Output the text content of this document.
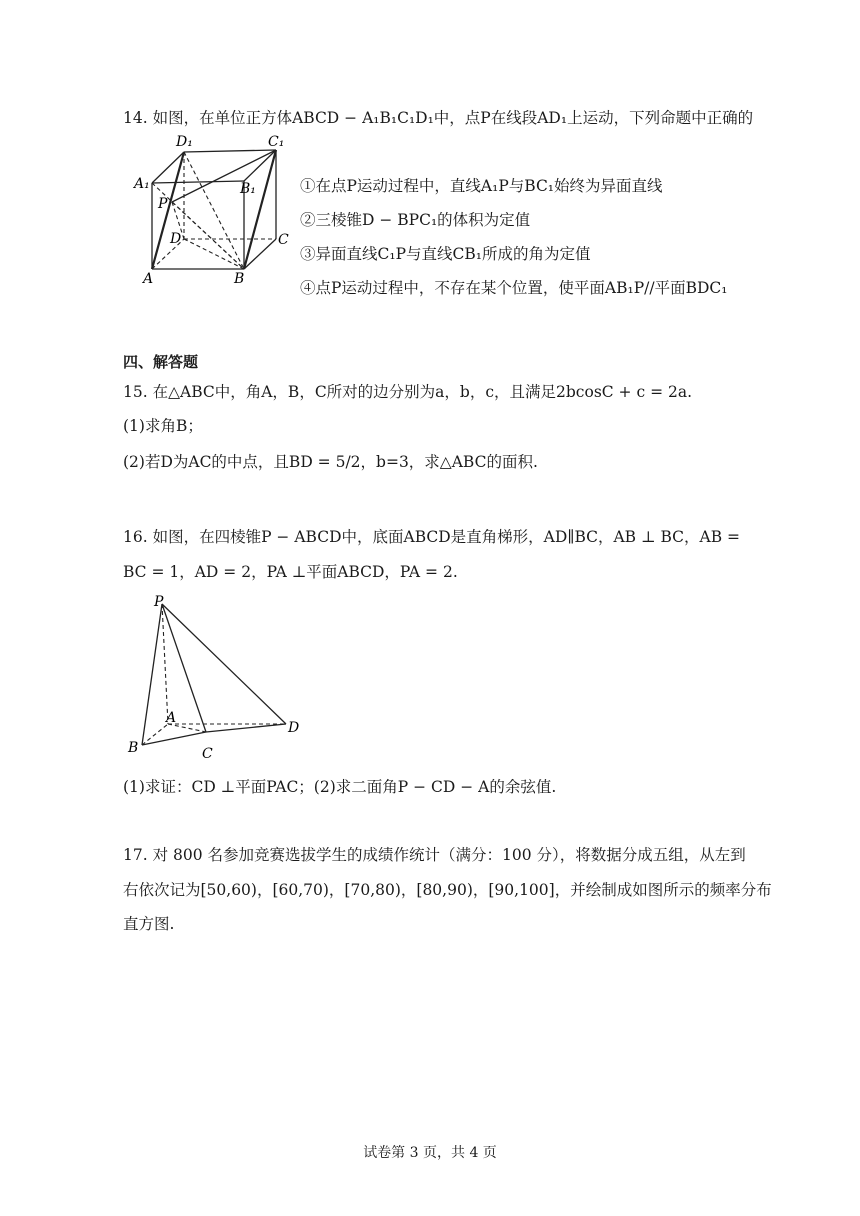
14. 如图，在单位正方体ABCD − A₁B₁C₁D₁中，点P在线段AD₁上运动，下列命题中正确的
D₁	C₁
A₁	B₁
P
D	C
A	B
①在点P运动过程中，直线A₁P与BC₁始终为异面直线
②三棱锥D − BPC₁的体积为定值
③异面直线C₁P与直线CB₁所成的角为定值
④点P运动过程中，不存在某个位置，使平面AB₁P//平面BDC₁
四、解答题
15. 在△ABC中，角A，B，C所对的边分别为a，b，c，且满足2bcosC + c = 2a.
(1)求角B；
(2)若D为AC的中点，且BD = 5/2，b=3，求△ABC的面积.
16. 如图，在四棱锥P − ABCD中，底面ABCD是直角梯形，AD∥BC，AB ⊥ BC，AB =
BC = 1，AD = 2，PA ⊥平面ABCD，PA = 2.
P
A
B	C
D
(1)求证：CD ⊥平面PAC；(2)求二面角P − CD − A的余弦值.
17. 对 800 名参加竞赛选拔学生的成绩作统计（满分：100 分），将数据分成五组，从左到
右依次记为[50,60)，[60,70)，[70,80)，[80,90)，[90,100]，并绘制成如图所示的频率分布
直方图.
试卷第 3 页，共 4 页
